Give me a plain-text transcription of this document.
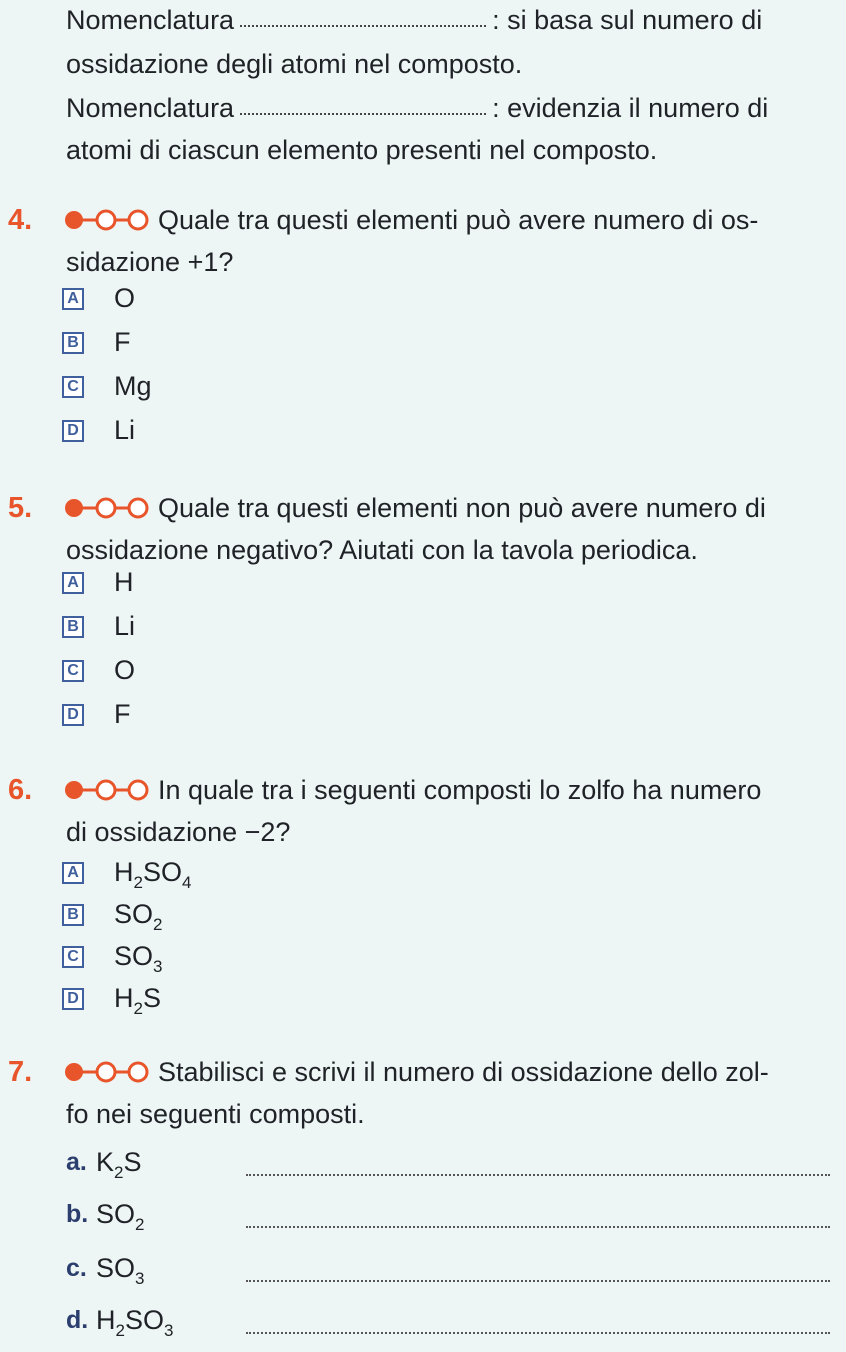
Nomenclatura	: si basa sul numero di
ossidazione degli atomi nel composto.
Nomenclatura	: evidenzia il numero di
atomi di ciascun elemento presenti nel composto.
4.	Quale tra questi elementi può avere numero di os-
sidazione +1?
A O
B F
C Mg
D Li
5.	Quale tra questi elementi non può avere numero di
ossidazione negativo? Aiutati con la tavola periodica.
A H
B Li
C O
D F
6.	In quale tra i seguenti composti lo zolfo ha numero
di ossidazione −2?
A $H_2SO_4$
B $SO_2$
C $SO_3$
D $H_2S$
7.	Stabilisci e scrivi il numero di ossidazione dello zol-
fo nei seguenti composti.
a. $K_2S$
b. $SO_2$
c. $SO_3$
d. $H_2SO_3$
